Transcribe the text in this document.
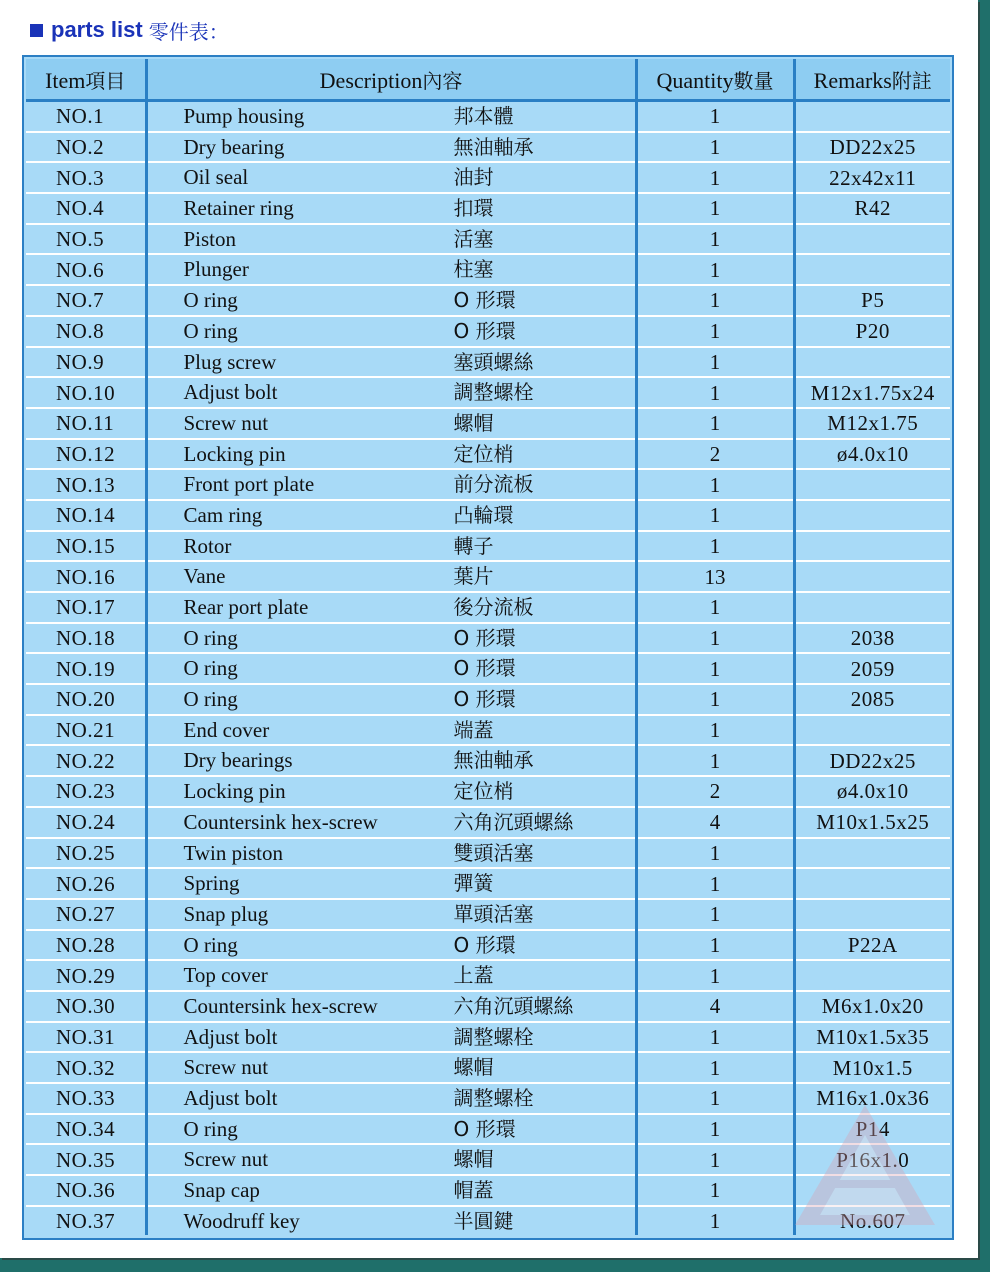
parts list 零件表：
Item項目	Description內容	Quantity數量	Remarks附註
NO.1	Pump housing 邦本體	1	
NO.2	Dry bearing 無油軸承	1	DD22x25
NO.3	Oil seal 油封	1	22x42x11
NO.4	Retainer ring 扣環	1	R42
NO.5	Piston 活塞	1	
NO.6	Plunger 柱塞	1	
NO.7	O ring O 形環	1	P5
NO.8	O ring O 形環	1	P20
NO.9	Plug screw 塞頭螺絲	1	
NO.10	Adjust bolt 調整螺栓	1	M12x1.75x24
NO.11	Screw nut 螺帽	1	M12x1.75
NO.12	Locking pin 定位梢	2	ø4.0x10
NO.13	Front port plate 前分流板	1	
NO.14	Cam ring 凸輪環	1	
NO.15	Rotor 轉子	1	
NO.16	Vane 葉片	13	
NO.17	Rear port plate 後分流板	1	
NO.18	O ring O 形環	1	2038
NO.19	O ring O 形環	1	2059
NO.20	O ring O 形環	1	2085
NO.21	End cover 端蓋	1	
NO.22	Dry bearings 無油軸承	1	DD22x25
NO.23	Locking pin 定位梢	2	ø4.0x10
NO.24	Countersink hex-screw 六角沉頭螺絲	4	M10x1.5x25
NO.25	Twin piston 雙頭活塞	1	
NO.26	Spring 彈簧	1	
NO.27	Snap plug 單頭活塞	1	
NO.28	O ring O 形環	1	P22A
NO.29	Top cover 上蓋	1	
NO.30	Countersink hex-screw 六角沉頭螺絲	4	M6x1.0x20
NO.31	Adjust bolt 調整螺栓	1	M10x1.5x35
NO.32	Screw nut 螺帽	1	M10x1.5
NO.33	Adjust bolt 調整螺栓	1	M16x1.0x36
NO.34	O ring O 形環	1	P14
NO.35	Screw nut 螺帽	1	P16x1.0
NO.36	Snap cap 帽蓋	1	
NO.37	Woodruff key 半圓鍵	1	No.607
